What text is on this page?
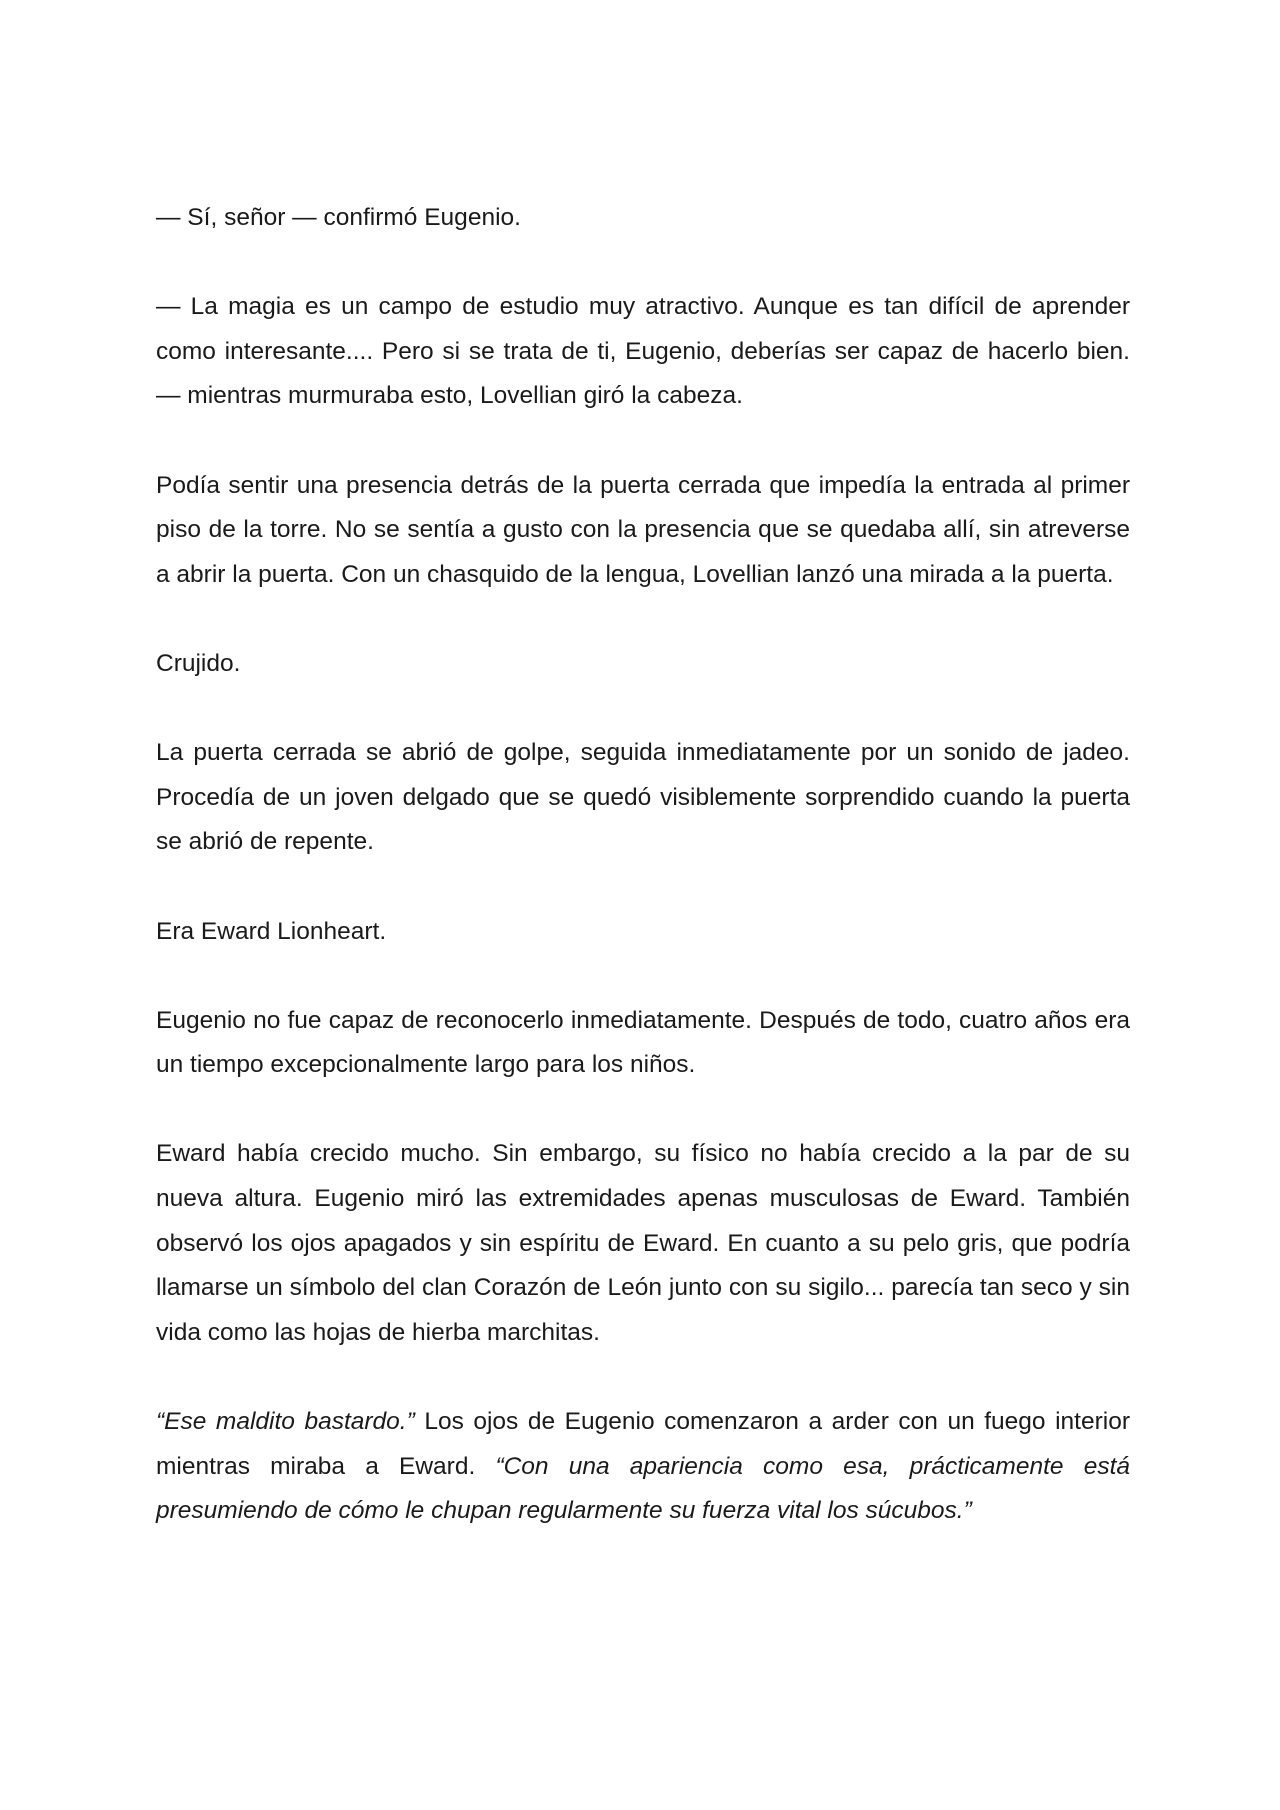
— Sí, señor — confirmó Eugenio.

— La magia es un campo de estudio muy atractivo. Aunque es tan difícil de aprender como interesante.... Pero si se trata de ti, Eugenio, deberías ser capaz de hacerlo bien. — mientras murmuraba esto, Lovellian giró la cabeza.

Podía sentir una presencia detrás de la puerta cerrada que impedía la entrada al primer piso de la torre. No se sentía a gusto con la presencia que se quedaba allí, sin atreverse a abrir la puerta. Con un chasquido de la lengua, Lovellian lanzó una mirada a la puerta.

Crujido.

La puerta cerrada se abrió de golpe, seguida inmediatamente por un sonido de jadeo. Procedía de un joven delgado que se quedó visiblemente sorprendido cuando la puerta se abrió de repente.

Era Eward Lionheart.

Eugenio no fue capaz de reconocerlo inmediatamente. Después de todo, cuatro años era un tiempo excepcionalmente largo para los niños.

Eward había crecido mucho. Sin embargo, su físico no había crecido a la par de su nueva altura. Eugenio miró las extremidades apenas musculosas de Eward. También observó los ojos apagados y sin espíritu de Eward. En cuanto a su pelo gris, que podría llamarse un símbolo del clan Corazón de León junto con su sigilo... parecía tan seco y sin vida como las hojas de hierba marchitas.

“Ese maldito bastardo.” Los ojos de Eugenio comenzaron a arder con un fuego interior mientras miraba a Eward. “Con una apariencia como esa, prácticamente está presumiendo de cómo le chupan regularmente su fuerza vital los súcubos.”
